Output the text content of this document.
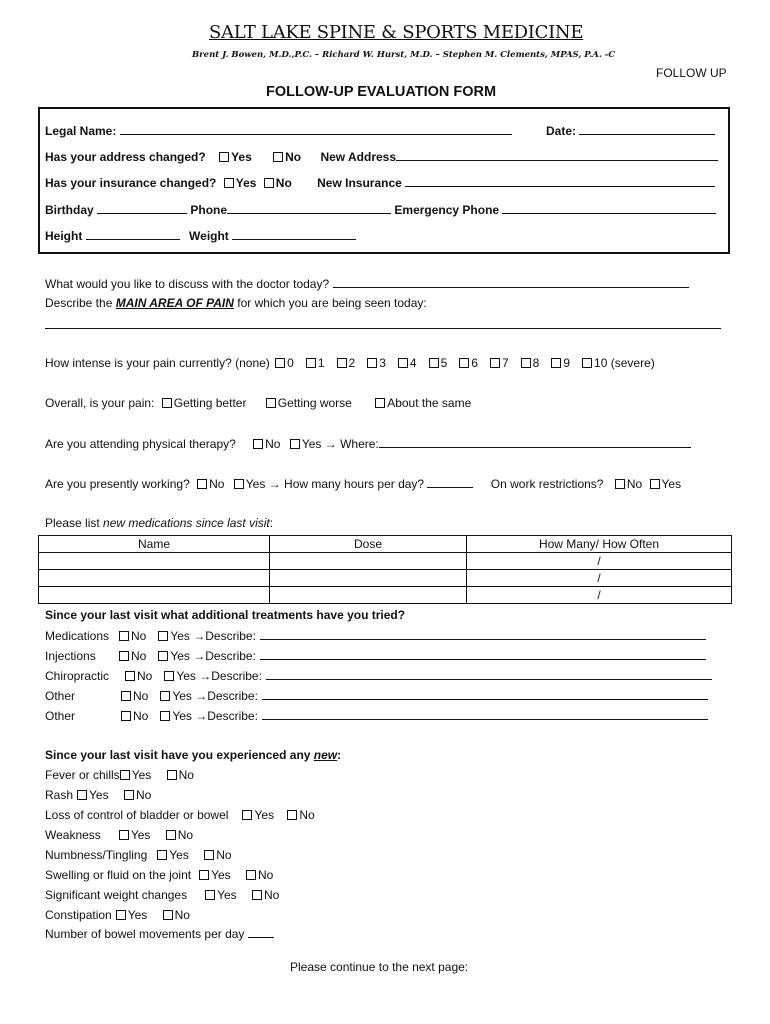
SALT LAKE SPINE & SPORTS MEDICINE
Brent J. Bowen, M.D.,P.C. – Richard W. Hurst, M.D. – Stephen M. Clements, MPAS, P.A. -C
FOLLOW UP
FOLLOW-UP EVALUATION FORM
Legal Name:	Date:
Has your address changed? Yes	No New Address
Has your insurance changed? Yes No New Insurance
Birthday	Phone	Emergency Phone
Height	Weight
What would you like to discuss with the doctor today?
Describe the MAIN AREA OF PAIN for which you are being seen today:
How intense is your pain currently? (none) 0 1 2 3 4 5 6 7 8 9 10 (severe)
Overall, is your pain: Getting better	Getting worse	About the same
Are you attending physical therapy? No Yes → Where:
Are you presently working? No Yes → How many hours per day?	On work restrictions? No Yes
Please list new medications since last visit:
Name	Dose	How Many/ How Often
		/
		/
		/
Since your last visit what additional treatments have you tried?
Medications No Yes →Describe:
Injections	No Yes →Describe:
Chiropractic No Yes →Describe:
Other	No Yes →Describe:
Other	No Yes →Describe:
Since your last visit have you experienced any new:
Fever or chills Yes No
Rash Yes No
Loss of control of bladder or bowel Yes No
Weakness	Yes No
Numbness/Tingling Yes No
Swelling or fluid on the joint Yes No
Significant weight changes	Yes No
Constipation Yes No
Number of bowel movements per day
Please continue to the next page:
